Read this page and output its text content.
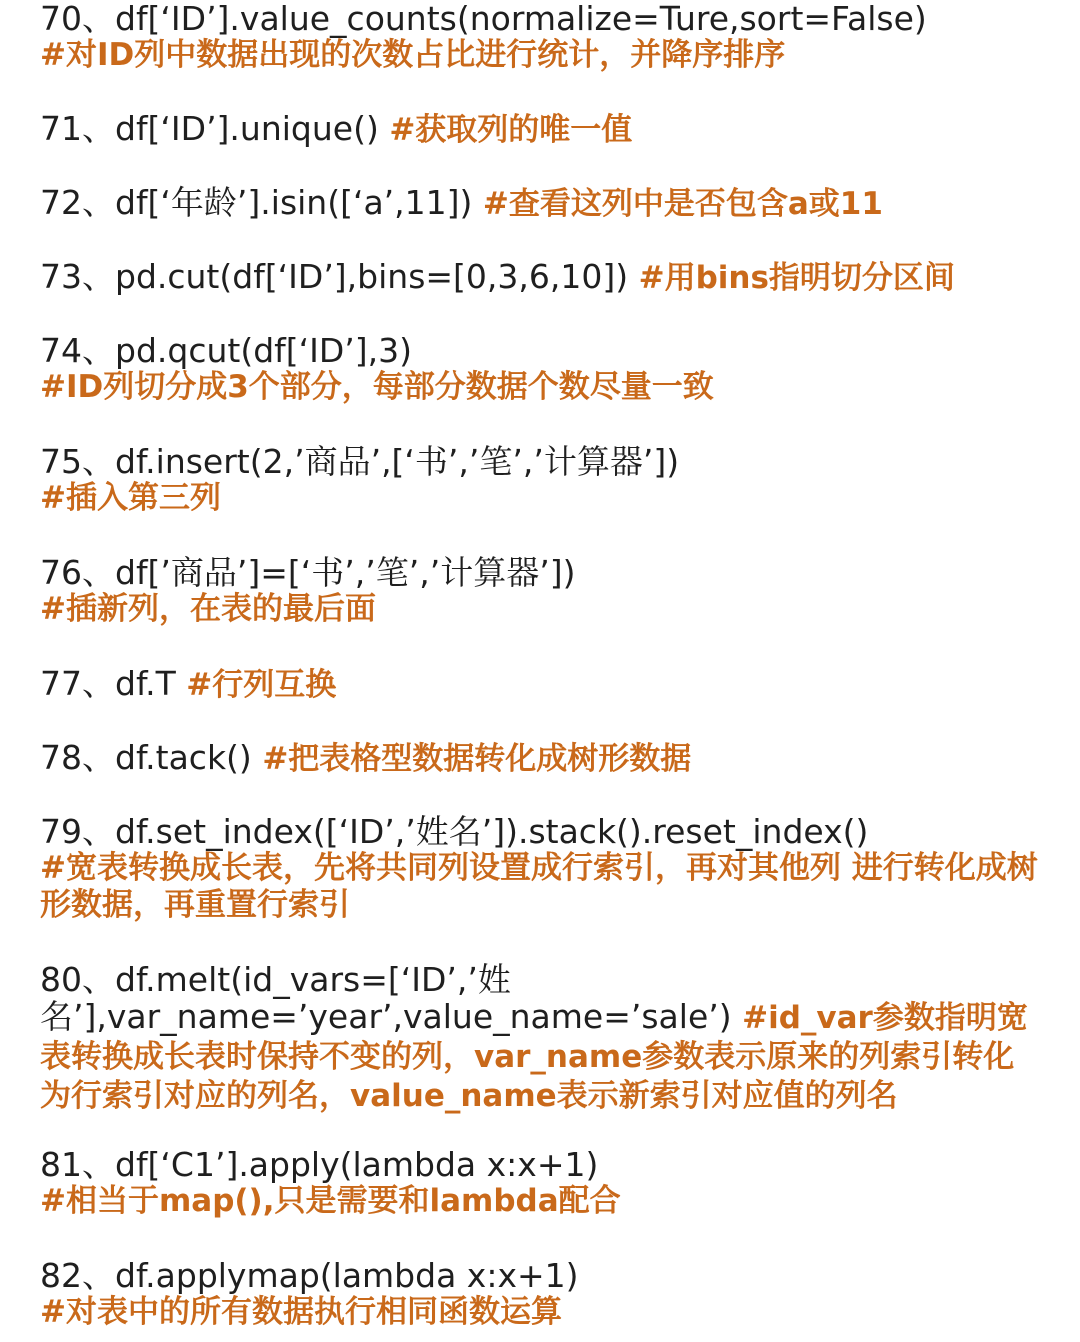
70、df[‘ID’].value_counts(normalize=Ture,sort=False)
#对ID列中数据出现的次数占比进行统计，并降序排序
71、df[‘ID’].unique() #获取列的唯一值
72、df[‘年龄’].isin([‘a’,11]) #查看这列中是否包含a或11
73、pd.cut(df[‘ID’],bins=[0,3,6,10]) #用bins指明切分区间
74、pd.qcut(df[‘ID’],3)
#ID列切分成3个部分，每部分数据个数尽量一致
75、df.insert(2,’商品’,[‘书’,’笔’,’计算器’])
#插入第三列
76、df[’商品’]=[‘书’,’笔’,’计算器’])
#插新列，在表的最后面
77、df.T #行列互换
78、df.tack() #把表格型数据转化成树形数据
79、df.set_index([‘ID’,’姓名’]).stack().reset_index()
#宽表转换成长表，先将共同列设置成行索引，再对其他列 进行转化成树形数据，再重置行索引
80、df.melt(id_vars=[‘ID’,’姓名’],var_name=’year’,value_name=’sale’) #id_var参数指明宽表转换成长表时保持不变的列，var_name参数表示原来的列索引转化为行索引对应的列名，value_name表示新索引对应值的列名
81、df[‘C1’].apply(lambda x:x+1)
#相当于map(),只是需要和lambda配合
82、df.applymap(lambda x:x+1)
#对表中的所有数据执行相同函数运算
